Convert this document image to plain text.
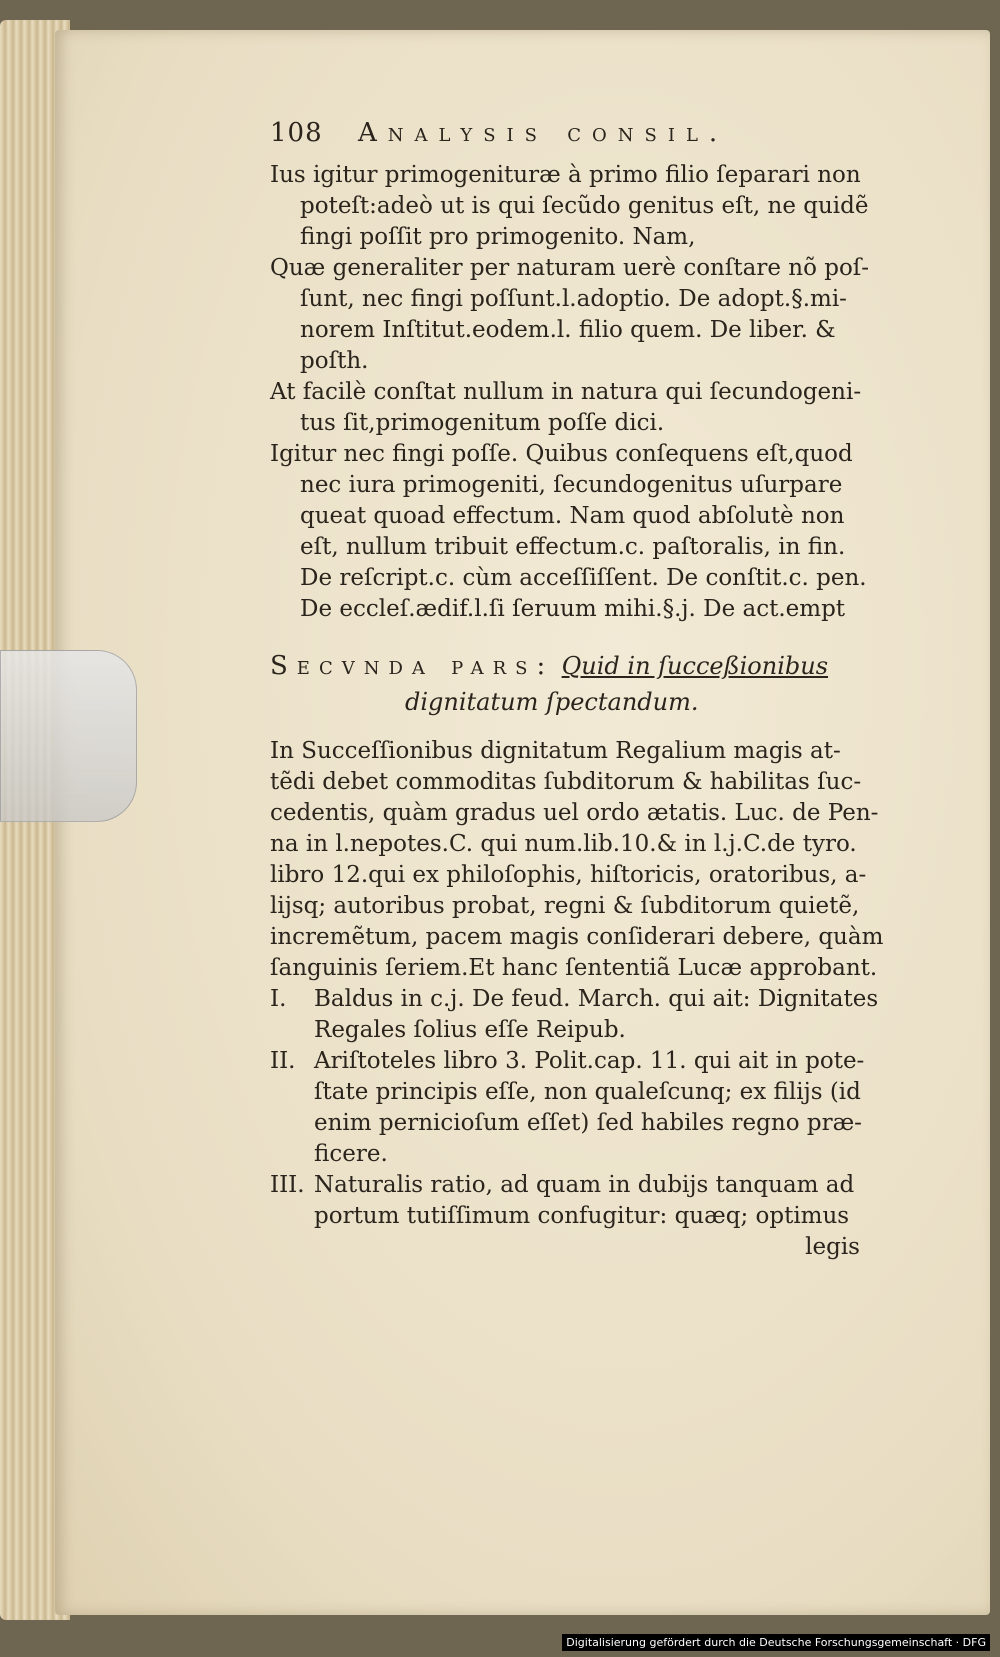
108 Analysis consil.
Ius igitur primogenituræ à primo filio ſeparari non
poteſt:adeò ut is qui ſecũdo genitus eſt, ne quidẽ
fingi poſſit pro primogenito. Nam,
Quæ generaliter per naturam uerè conſtare nõ poſ-
ſunt, nec fingi poſſunt.l.adoptio. De adopt.§.mi-
norem Inſtitut.eodem.l. filio quem. De liber. &
poſth.
At facilè conſtat nullum in natura qui ſecundogeni-
tus ſit,primogenitum poſſe dici.
Igitur nec fingi poſſe. Quibus conſequens eſt,quod
nec iura primogeniti, ſecundogenitus uſurpare
queat quoad effectum. Nam quod abſolutè non
eſt, nullum tribuit effectum.c. paſtoralis, in fin.
De reſcript.c. cùm acceſſiſſent. De conſtit.c. pen.
De eccleſ.ædif.l.ſi ſeruum mihi.§.j. De act.empt
Secvnda pars: Quid in ſucceßionibus
dignitatum ſpectandum.
In Succeſſionibus dignitatum Regalium magis at-
tẽdi debet commoditas ſubditorum & habilitas ſuc-
cedentis, quàm gradus uel ordo ætatis. Luc. de Pen-
na in l.nepotes.C. qui num.lib.10.& in l.j.C.de tyro.
libro 12.qui ex philoſophis, hiſtoricis, oratoribus, a-
lijsq; autoribus probat, regni & ſubditorum quietẽ,
incremẽtum, pacem magis conſiderari debere, quàm
ſanguinis ſeriem.Et hanc ſententiã Lucæ approbant.
I.	Baldus in c.j. De feud. March. qui ait: Dignitates
Regales ſolius eſſe Reipub.
II. Ariſtoteles libro 3. Polit.cap. 11. qui ait in pote-
ſtate principis eſſe, non qualeſcunq; ex filijs (id
enim pernicioſum eſſet) ſed habiles regno præ-
ficere.
III. Naturalis ratio, ad quam in dubijs tanquam ad
portum tutiſſimum confugitur: quæq; optimus
legis
Digitalisierung gefördert durch die Deutsche Forschungsgemeinschaft · DFG
